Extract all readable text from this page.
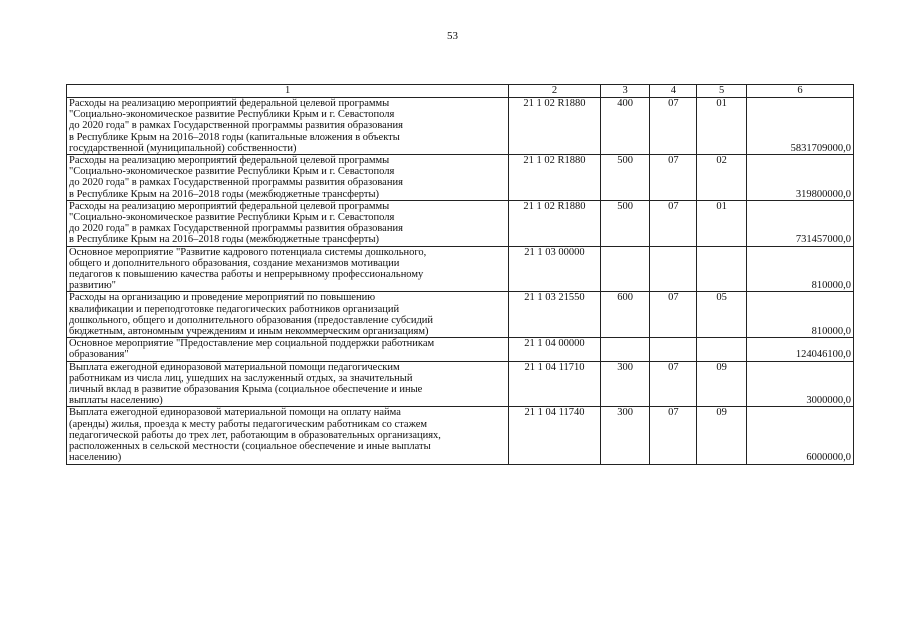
53
1	2	3	4	5	6

Расходы на реализацию мероприятий федеральной целевой программы
"Социально-экономическое развитие Республики Крым и г. Севастополя
до 2020 года" в рамках Государственной программы развития образования
в Республике Крым на 2016–2018 годы (капитальные вложения в объекты
государственной (муниципальной) собственности)	21 1 02 R1880	400	07	01	5831709000,0

Расходы на реализацию мероприятий федеральной целевой программы
"Социально-экономическое развитие Республики Крым и г. Севастополя
до 2020 года" в рамках Государственной программы развития образования
в Республике Крым на 2016–2018 годы (межбюджетные трансферты)	21 1 02 R1880	500	07	02	319800000,0

Расходы на реализацию мероприятий федеральной целевой программы
"Социально-экономическое развитие Республики Крым и г. Севастополя
до 2020 года" в рамках Государственной программы развития образования
в Республике Крым на 2016–2018 годы (межбюджетные трансферты)	21 1 02 R1880	500	07	01	731457000,0

Основное мероприятие "Развитие кадрового потенциала системы дошкольного,
общего и дополнительного образования, создание механизмов мотивации
педагогов к повышению качества работы и непрерывному профессиональному
развитию"	21 1 03 00000				810000,0

Расходы на организацию и проведение мероприятий по повышению
квалификации и переподготовке педагогических работников организаций
дошкольного, общего и дополнительного образования (предоставление субсидий
бюджетным, автономным учреждениям и иным некоммерческим организациям)	21 1 03 21550	600	07	05	810000,0

Основное мероприятие "Предоставление мер социальной поддержки работникам
образования"	21 1 04 00000				124046100,0

Выплата ежегодной единоразовой материальной помощи педагогическим
работникам из числа лиц, ушедших на заслуженный отдых, за значительный
личный вклад в развитие образования Крыма (социальное обеспечение и иные
выплаты населению)	21 1 04 11710	300	07	09	3000000,0

Выплата ежегодной единоразовой материальной помощи на оплату найма
(аренды) жилья, проезда к месту работы педагогическим работникам со стажем
педагогической работы до трех лет, работающим в образовательных организациях,
расположенных в сельской местности (социальное обеспечение и иные выплаты
населению)	21 1 04 11740	300	07	09	6000000,0
